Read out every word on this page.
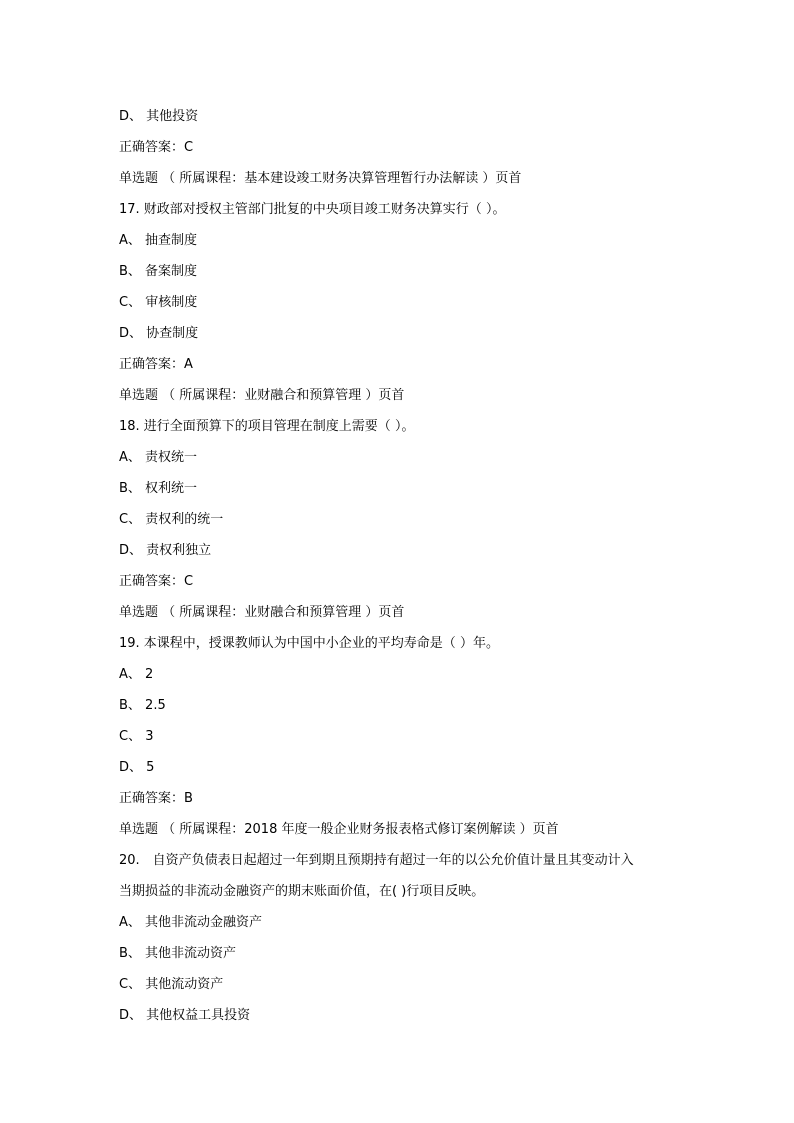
D、 其他投资
正确答案：C
单选题 （ 所属课程：基本建设竣工财务决算管理暂行办法解读 ）页首
17. 财政部对授权主管部门批复的中央项目竣工财务决算实行（ ）。
A、 抽查制度
B、 备案制度
C、 审核制度
D、 协查制度
正确答案：A
单选题 （ 所属课程：业财融合和预算管理 ）页首
18. 进行全面预算下的项目管理在制度上需要（ ）。
A、 责权统一
B、 权利统一
C、 责权利的统一
D、 责权利独立
正确答案：C
单选题 （ 所属课程：业财融合和预算管理 ）页首
19. 本课程中，授课教师认为中国中小企业的平均寿命是（ ）年。
A、 2
B、 2.5
C、 3
D、 5
正确答案：B
单选题 （ 所属课程：2018 年度一般企业财务报表格式修订案例解读 ）页首
20.　自资产负债表日起超过一年到期且预期持有超过一年的以公允价值计量且其变动计入
当期损益的非流动金融资产的期末账面价值，在( )行项目反映。
A、 其他非流动金融资产
B、 其他非流动资产
C、 其他流动资产
D、 其他权益工具投资
